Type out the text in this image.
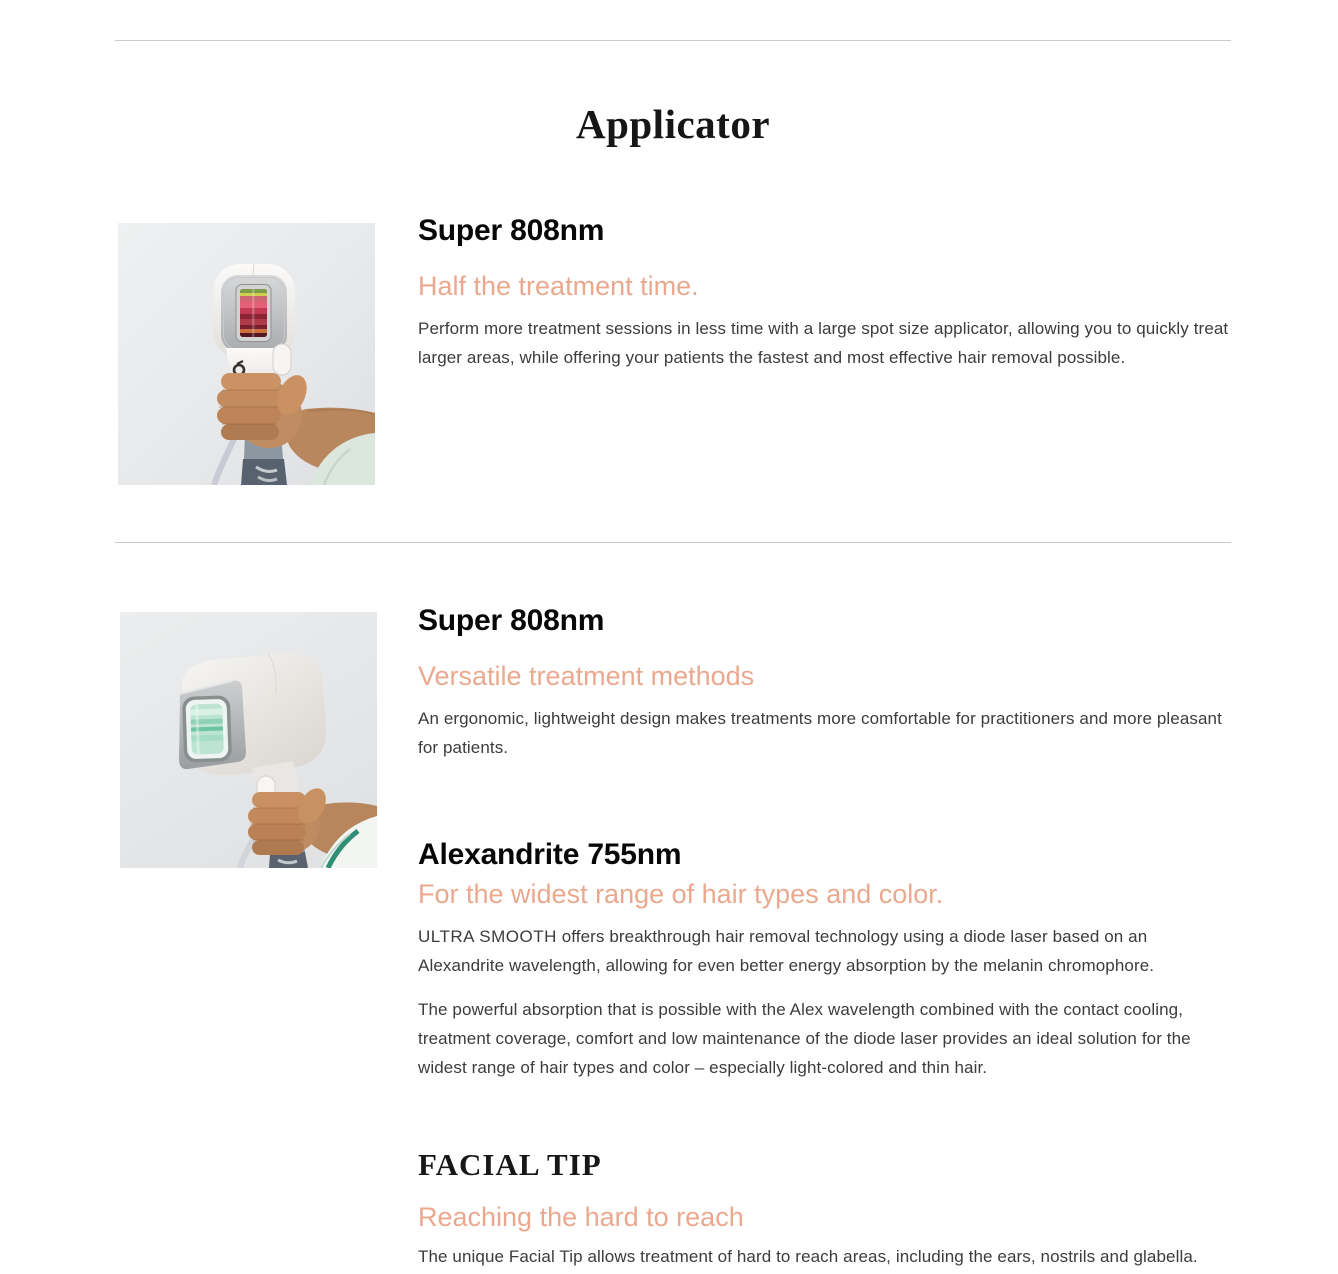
Applicator
Super 808nm
Half the treatment time.

Perform more treatment sessions in less time with a large spot size applicator, allowing you to quickly treat larger areas, while offering your patients the fastest and most effective hair removal possible.

Super 808nm
Versatile treatment methods

An ergonomic, lightweight design makes treatments more comfortable for practitioners and more pleasant for patients.

Alexandrite 755nm
For the widest range of hair types and color.

ULTRA SMOOTH offers breakthrough hair removal technology using a diode laser based on an Alexandrite wavelength, allowing for even better energy absorption by the melanin chromophore.

The powerful absorption that is possible with the Alex wavelength combined with the contact cooling, treatment coverage, comfort and low maintenance of the diode laser provides an ideal solution for the widest range of hair types and color – especially light-colored and thin hair.

FACIAL TIP
Reaching the hard to reach

The unique Facial Tip allows treatment of hard to reach areas, including the ears, nostrils and glabella.
